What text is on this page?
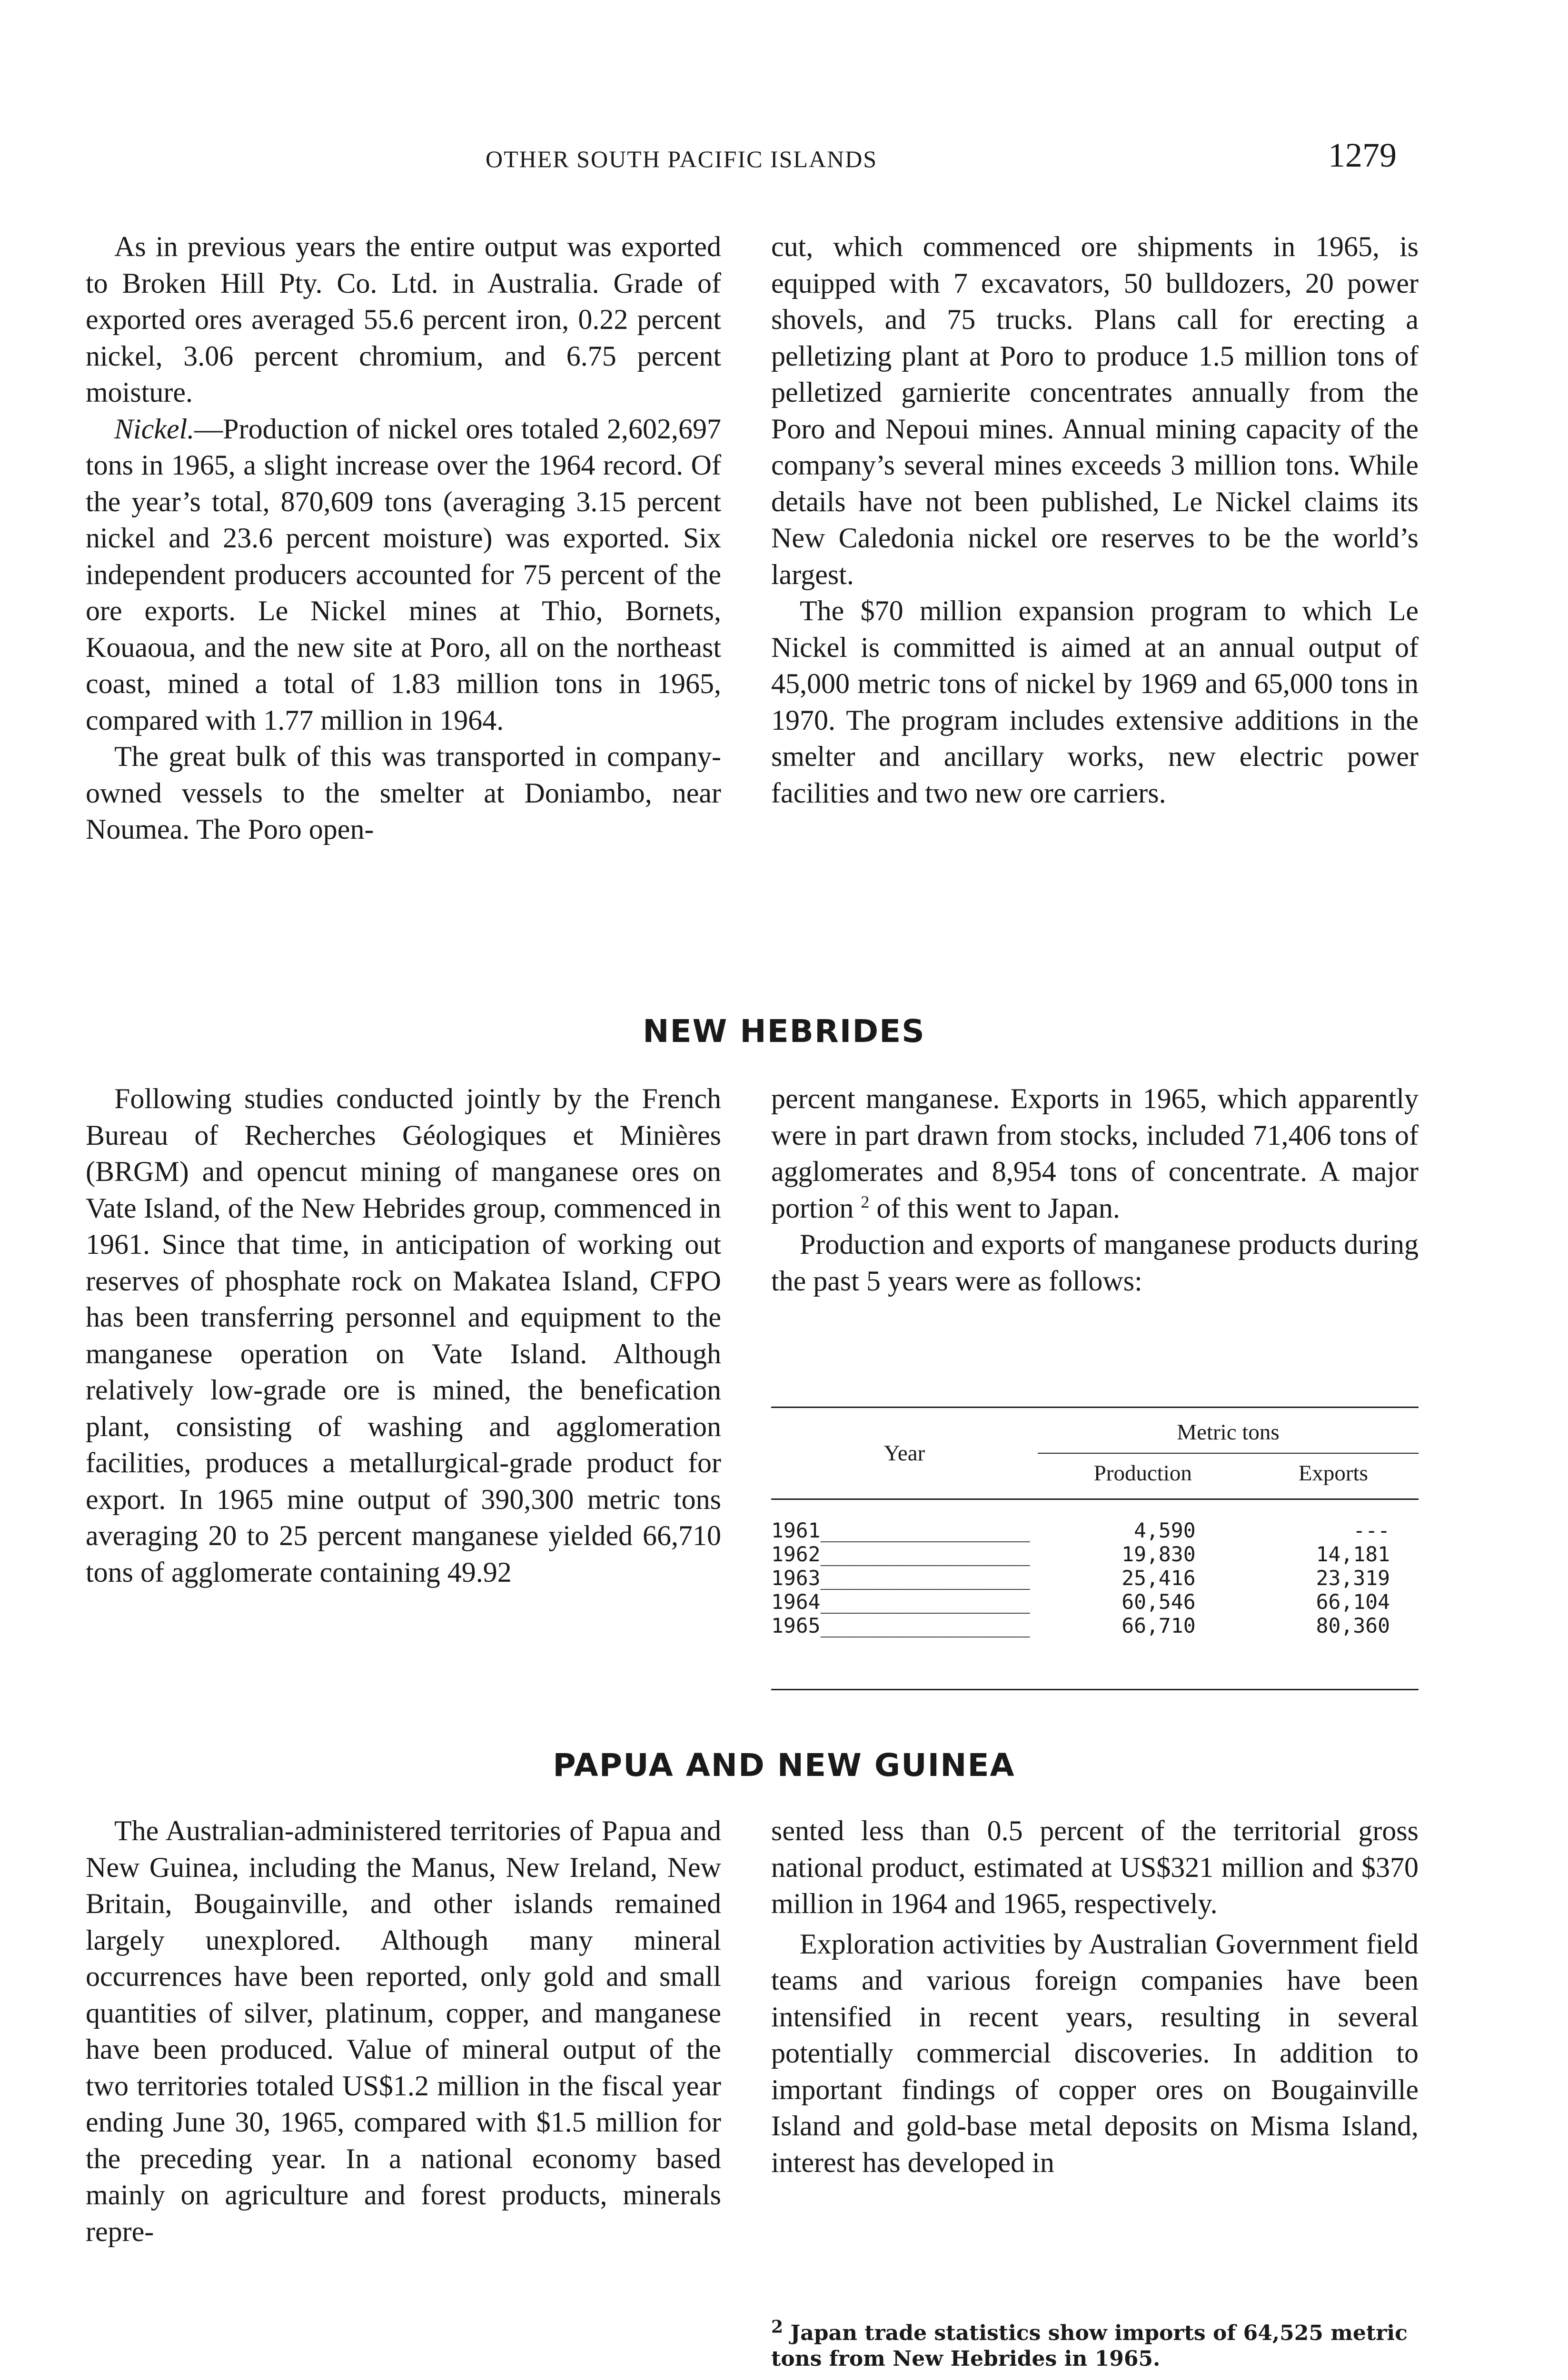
OTHER SOUTH PACIFIC ISLANDS	1279

As in previous years the entire output was exported to Broken Hill Pty. Co. Ltd. in Australia. Grade of exported ores averaged 55.6 percent iron, 0.22 percent nickel, 3.06 percent chromium, and 6.75 percent moisture.

Nickel.—Production of nickel ores totaled 2,602,697 tons in 1965, a slight increase over the 1964 record. Of the year’s total, 870,609 tons (averaging 3.15 percent nickel and 23.6 percent moisture) was exported. Six independent producers accounted for 75 percent of the ore exports. Le Nickel mines at Thio, Bornets, Kouaoua, and the new site at Poro, all on the northeast coast, mined a total of 1.83 million tons in 1965, compared with 1.77 million in 1964.

The great bulk of this was transported in company-owned vessels to the smelter at Doniambo, near Noumea. The Poro open-

cut, which commenced ore shipments in 1965, is equipped with 7 excavators, 50 bulldozers, 20 power shovels, and 75 trucks. Plans call for erecting a pelletizing plant at Poro to produce 1.5 million tons of pelletized garnierite concentrates annually from the Poro and Nepoui mines. Annual mining capacity of the company’s several mines exceeds 3 million tons. While details have not been published, Le Nickel claims its New Caledonia nickel ore reserves to be the world’s largest.

The $70 million expansion program to which Le Nickel is committed is aimed at an annual output of 45,000 metric tons of nickel by 1969 and 65,000 tons in 1970. The program includes extensive additions in the smelter and ancillary works, new electric power facilities and two new ore carriers.

NEW HEBRIDES

Following studies conducted jointly by the French Bureau of Recherches Géologiques et Minières (BRGM) and opencut mining of manganese ores on Vate Island, of the New Hebrides group, commenced in 1961. Since that time, in anticipation of working out reserves of phosphate rock on Makatea Island, CFPO has been transferring personnel and equipment to the manganese operation on Vate Island. Although relatively low-grade ore is mined, the benefication plant, consisting of washing and agglomeration facilities, produces a metallurgical-grade product for export. In 1965 mine output of 390,300 metric tons averaging 20 to 25 percent manganese yielded 66,710 tons of agglomerate containing 49.92

percent manganese. Exports in 1965, which apparently were in part drawn from stocks, included 71,406 tons of agglomerates and 8,954 tons of concentrate. A major portion $^2$ of this went to Japan.

Production and exports of manganese products during the past 5 years were as follows:

Year	Metric tons	
	Production	Exports

1961_________________	4,590	---
1962_________________	19,830	14,181
1963_________________	25,416	23,319
1964_________________	60,546	66,104
1965_________________	66,710	80,360
PAPUA AND NEW GUINEA

The Australian-administered territories of Papua and New Guinea, including the Manus, New Ireland, New Britain, Bougainville, and other islands remained largely unexplored. Although many mineral occurrences have been reported, only gold and small quantities of silver, platinum, copper, and manganese have been produced. Value of mineral output of the two territories totaled US$1.2 million in the fiscal year ending June 30, 1965, compared with $1.5 million for the preceding year. In a national economy based mainly on agriculture and forest products, minerals repre-

sented less than 0.5 percent of the territorial gross national product, estimated at US$321 million and $370 million in 1964 and 1965, respectively.

Exploration activities by Australian Government field teams and various foreign companies have been intensified in recent years, resulting in several potentially commercial discoveries. In addition to important findings of copper ores on Bougainville Island and gold-base metal deposits on Misma Island, interest has developed in

$^2$ Japan trade statistics show imports of 64,525 metric tons from New Hebrides in 1965.
